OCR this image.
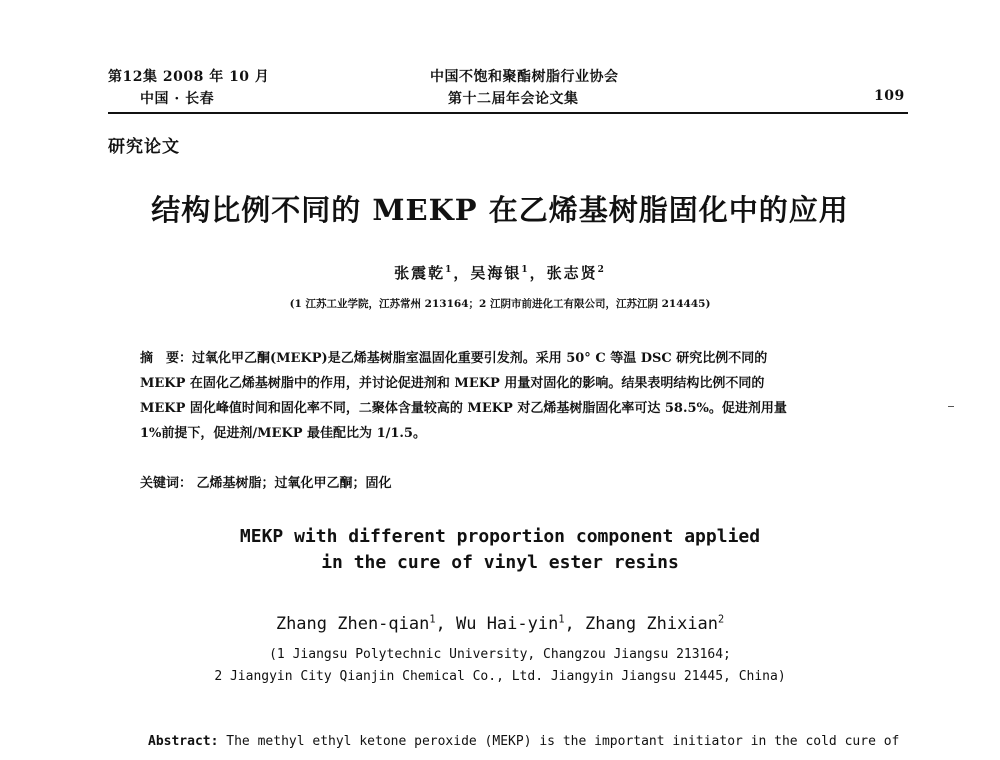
第12集 2008 年 10 月
中国 · 长春
中国不饱和聚酯树脂行业协会
第十二届年会论文集	109
研究论文
结构比例不同的 MEKP 在乙烯基树脂固化中的应用
张震乾$^1$，吴海银$^1$，张志贤$^2$
(1 江苏工业学院，江苏常州 213164；2 江阴市前进化工有限公司，江苏江阴 214445)

摘　要：过氧化甲乙酮(MEKP)是乙烯基树脂室温固化重要引发剂。采用 50° C 等温 DSC 研究比例不同的

MEKP 在固化乙烯基树脂中的作用，并讨论促进剂和 MEKP 用量对固化的影响。结果表明结构比例不同的

MEKP 固化峰值时间和固化率不同，二聚体含量较高的 MEKP 对乙烯基树脂固化率可达 58.5%。促进剂用量

1%前提下，促进剂/MEKP 最佳配比为 1/1.5。

关键词： 乙烯基树脂；过氧化甲乙酮；固化
MEKP with different proportion component applied
in the cure of vinyl ester resins
Zhang Zhen-qian$^1$, Wu Hai-yin$^1$, Zhang Zhixian$^2$
(1 Jiangsu Polytechnic University, Changzou Jiangsu 213164;
2 Jiangyin City Qianjin Chemical Co., Ltd. Jiangyin Jiangsu 21445, China)
Abstract: The methyl ethyl ketone peroxide (MEKP) is the important initiator in the cold cure of
